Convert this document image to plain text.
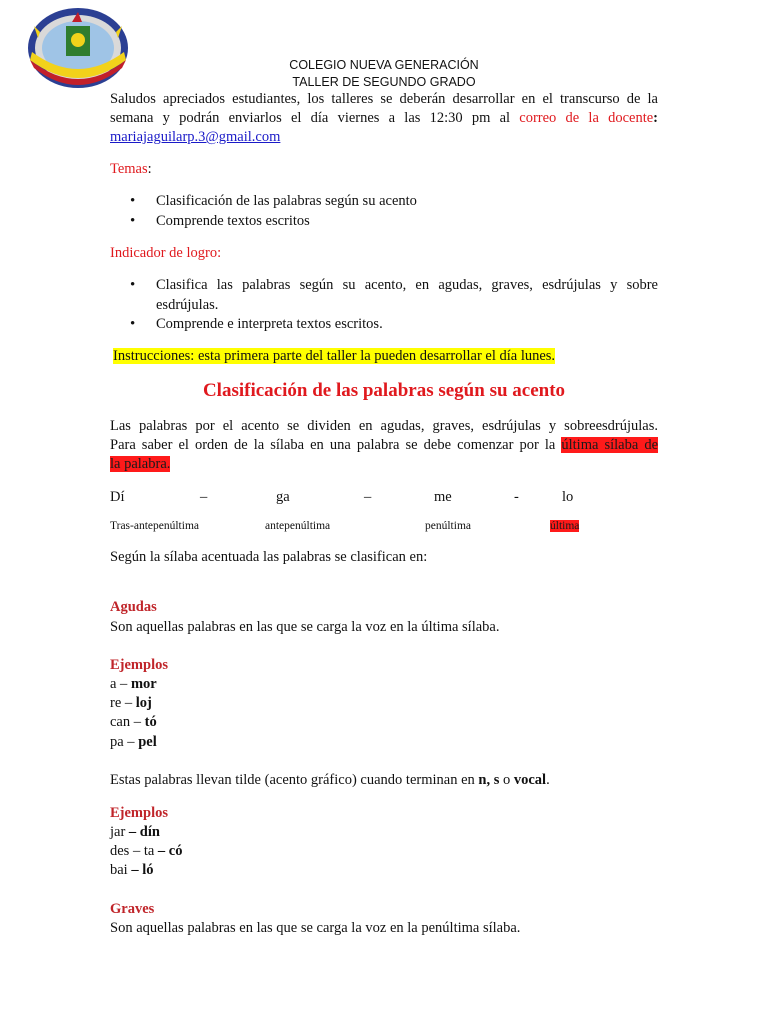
COLEGIO NUEVA GENERACIÓN
TALLER DE SEGUNDO GRADO
Saludos apreciados estudiantes, los talleres se deberán desarrollar en el transcurso de la
semana y podrán enviarlos el día viernes a las 12:30 pm al correo de la docente:
mariajaguilarp.3@gmail.com
Temas:
• Clasificación de las palabras según su acento
• Comprende textos escritos
Indicador de logro:
• Clasifica las palabras según su acento, en agudas, graves, esdrújulas y sobre
esdrújulas.
• Comprende e interpreta textos escritos.
Instrucciones: esta primera parte del taller la pueden desarrollar el día lunes.
Clasificación de las palabras según su acento
Las palabras por el acento se dividen en agudas, graves, esdrújulas y sobreesdrújulas.
Para saber el orden de la sílaba en una palabra se debe comenzar por la última sílaba de
la palabra.
Dí	–	ga	–	me	-	lo
Tras-antepenúltima	antepenúltima	penúltima	última
Según la sílaba acentuada las palabras se clasifican en:
Agudas
Son aquellas palabras en las que se carga la voz en la última sílaba.
Ejemplos
a – mor
re – loj
can – tó
pa – pel
Estas palabras llevan tilde (acento gráfico) cuando terminan en n, s o vocal.
Ejemplos
jar – dín
des – ta – có
bai – ló
Graves
Son aquellas palabras en las que se carga la voz en la penúltima sílaba.
